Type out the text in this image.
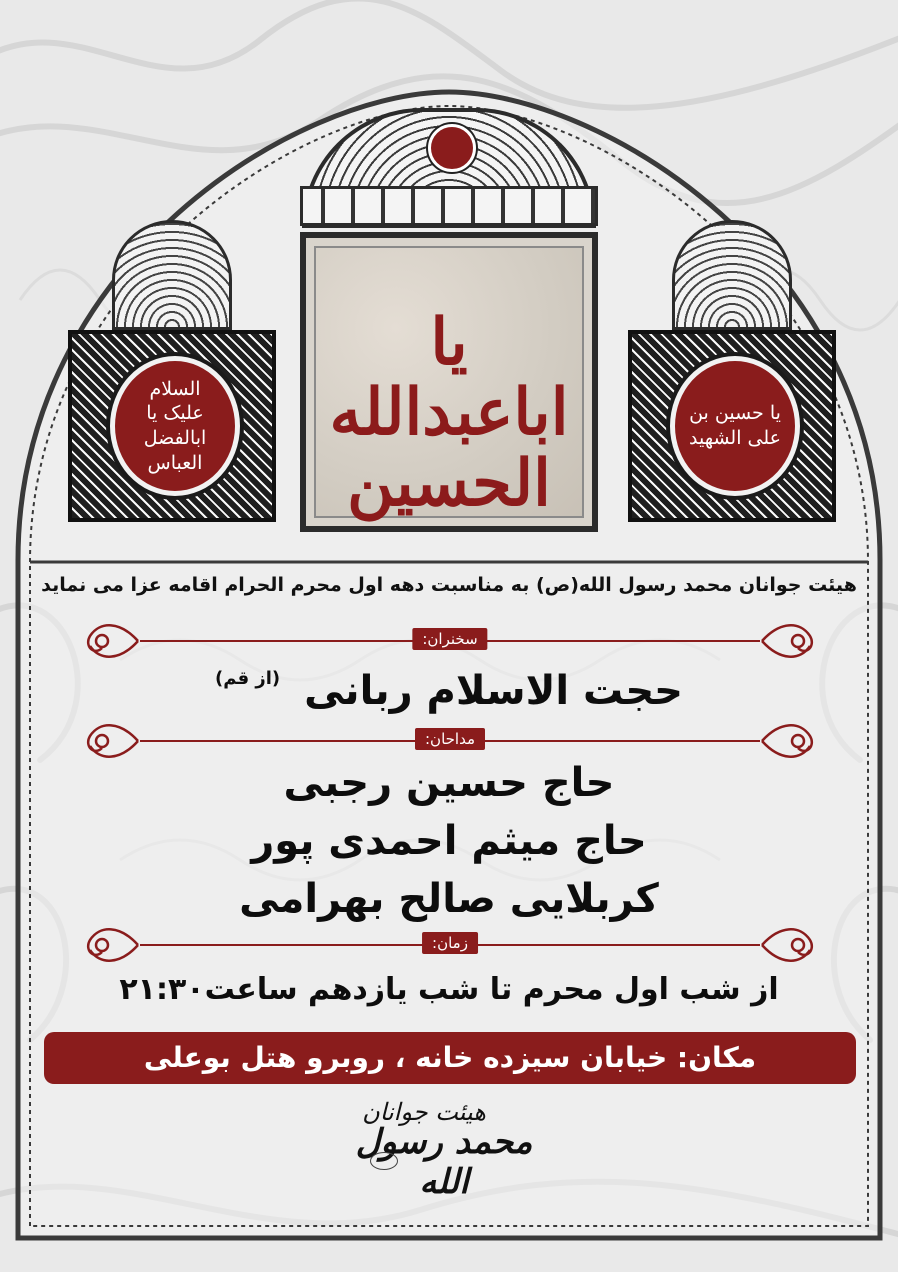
یا اباعبدالله الحسین
السلام علیک یا ابالفضل العباس
یا حسین بن علی الشهید
هیئت جوانان محمد رسول الله(ص) به مناسبت دهه اول محرم الحرام اقامه عزا می نماید
سخنران:
حجت الاسلام ربانی $^{(از قم)}$
مداحان:
حاج حسین رجبی
حاج میثم احمدی پور
کربلایی صالح بهرامی
زمان:
از شب اول محرم تا شب یازدهم ساعت۲۱:۳۰
مکان: خیابان سیزده خانه ، روبرو هتل بوعلی
هیئت جوانان
محمد رسول الله
